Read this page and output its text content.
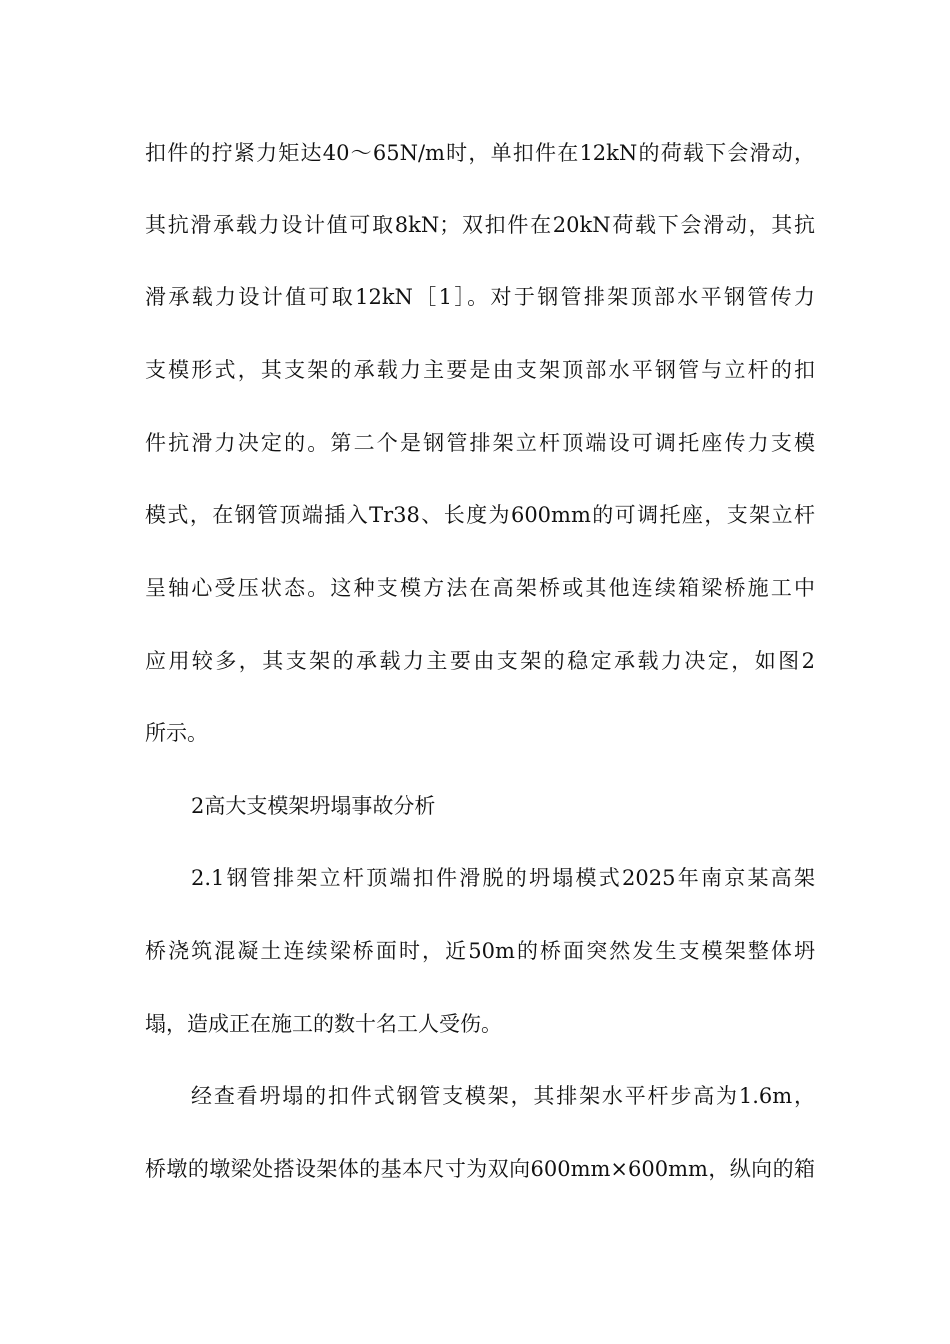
扣件的拧紧力矩达40～65N/m时，单扣件在12kN的荷载下会滑动，
其抗滑承载力设计值可取8kN；双扣件在20kN荷载下会滑动，其抗
滑承载力设计值可取12kN［1］。对于钢管排架顶部水平钢管传力
支模形式，其支架的承载力主要是由支架顶部水平钢管与立杆的扣
件抗滑力决定的。第二个是钢管排架立杆顶端设可调托座传力支模
模式，在钢管顶端插入Tr38、长度为600mm的可调托座，支架立杆
呈轴心受压状态。这种支模方法在高架桥或其他连续箱梁桥施工中
应用较多，其支架的承载力主要由支架的稳定承载力决定，如图2
所示。
2高大支模架坍塌事故分析
2.1钢管排架立杆顶端扣件滑脱的坍塌模式2025年南京某高架
桥浇筑混凝土连续梁桥面时，近50m的桥面突然发生支模架整体坍
塌，造成正在施工的数十名工人受伤。
经查看坍塌的扣件式钢管支模架，其排架水平杆步高为1.6m，
桥墩的墩梁处搭设架体的基本尺寸为双向600mm×600mm，纵向的箱
